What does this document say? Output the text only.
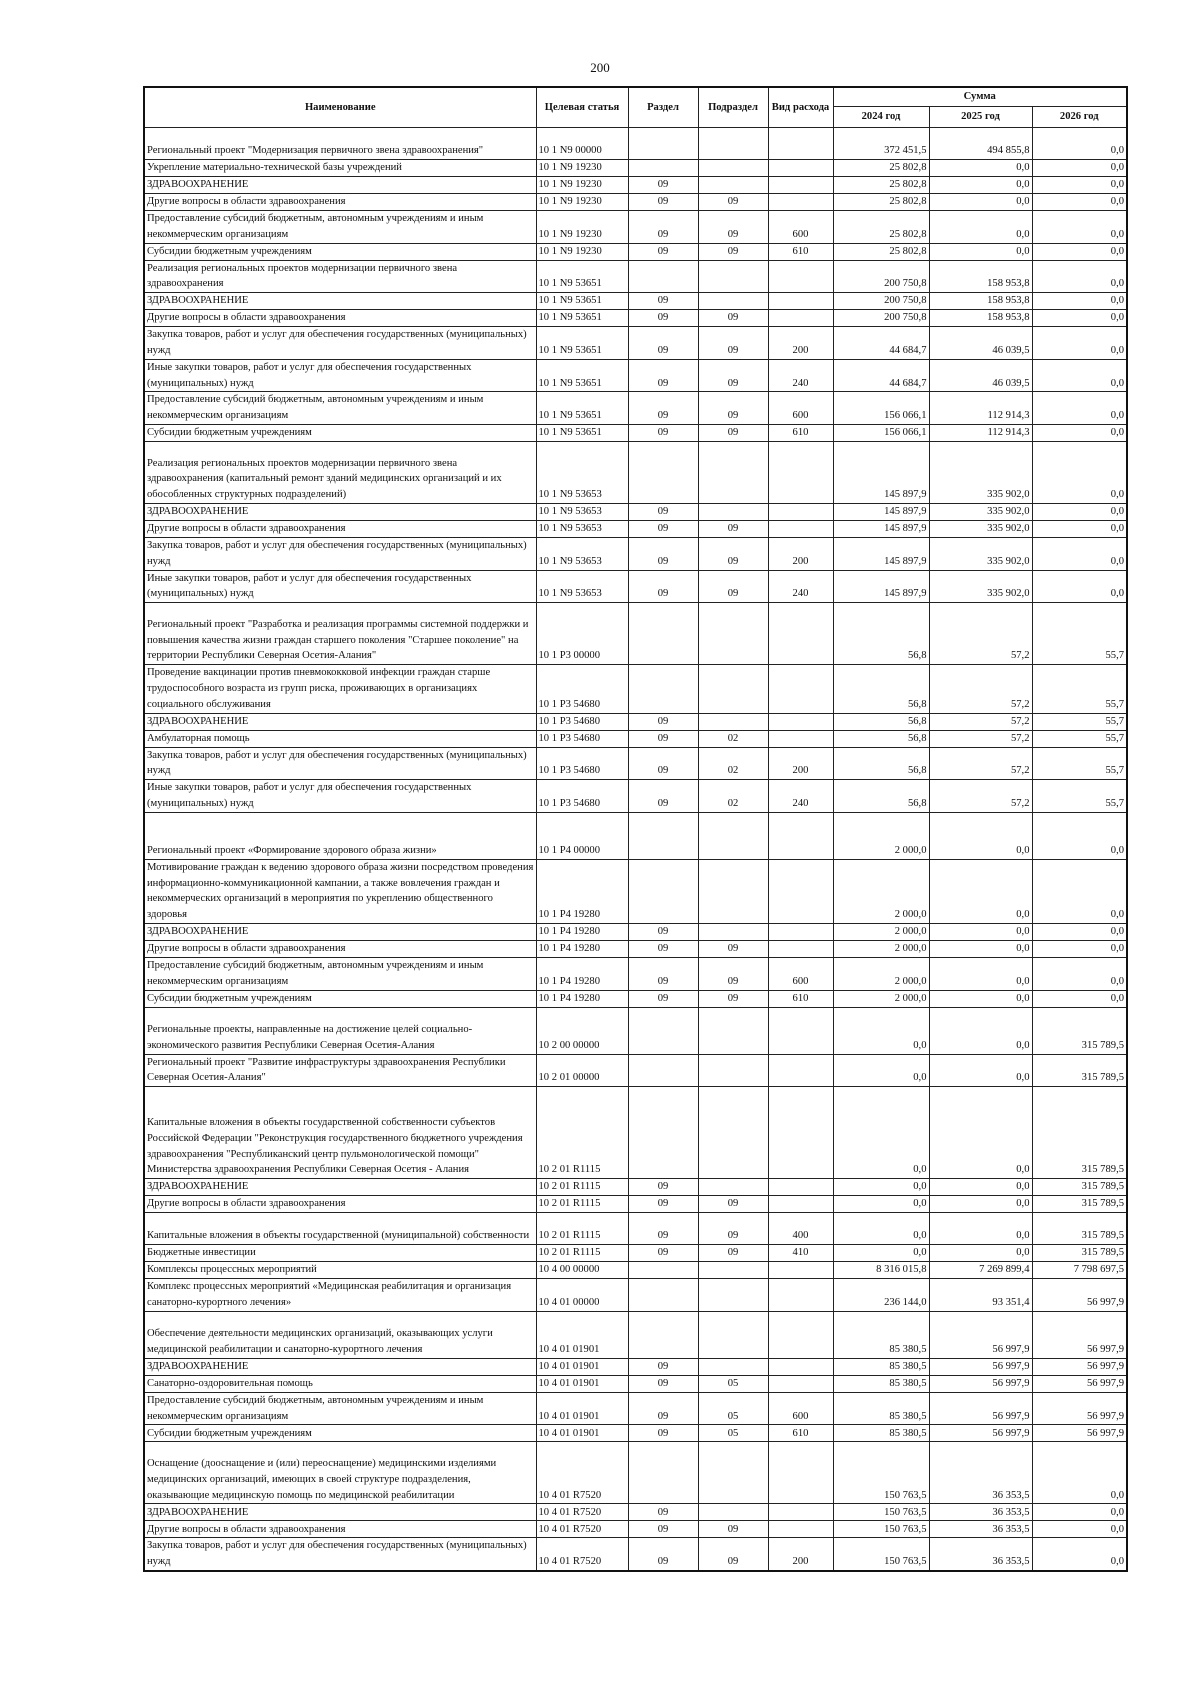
200
Наименование	Целевая статья	Раздел	Подраздел	Вид расхода	Сумма		
					2024 год	2025 год	2026 год
Региональный проект "Модернизация первичного звена здравоохранения"	10 1 N9 00000				372 451,5	494 855,8	0,0
Укрепление материально-технической базы учреждений	10 1 N9 19230				25 802,8	0,0	0,0
ЗДРАВООХРАНЕНИЕ	10 1 N9 19230	09			25 802,8	0,0	0,0
Другие вопросы в области здравоохранения	10 1 N9 19230	09	09		25 802,8	0,0	0,0
Предоставление субсидий бюджетным, автономным учреждениям и иным некоммерческим организациям	10 1 N9 19230	09	09	600	25 802,8	0,0	0,0
Субсидии бюджетным учреждениям	10 1 N9 19230	09	09	610	25 802,8	0,0	0,0
Реализация региональных проектов модернизации первичного звена здравоохранения	10 1 N9 53651				200 750,8	158 953,8	0,0
ЗДРАВООХРАНЕНИЕ	10 1 N9 53651	09			200 750,8	158 953,8	0,0
Другие вопросы в области здравоохранения	10 1 N9 53651	09	09		200 750,8	158 953,8	0,0
Закупка товаров, работ и услуг для обеспечения государственных (муниципальных) нужд	10 1 N9 53651	09	09	200	44 684,7	46 039,5	0,0
Иные закупки товаров, работ и услуг для обеспечения государственных (муниципальных) нужд	10 1 N9 53651	09	09	240	44 684,7	46 039,5	0,0
Предоставление субсидий бюджетным, автономным учреждениям и иным некоммерческим организациям	10 1 N9 53651	09	09	600	156 066,1	112 914,3	0,0
Субсидии бюджетным учреждениям	10 1 N9 53651	09	09	610	156 066,1	112 914,3	0,0
Реализация региональных проектов модернизации первичного звена здравоохранения (капитальный ремонт зданий медицинских организаций и их обособленных структурных подразделений)	10 1 N9 53653				145 897,9	335 902,0	0,0
ЗДРАВООХРАНЕНИЕ	10 1 N9 53653	09			145 897,9	335 902,0	0,0
Другие вопросы в области здравоохранения	10 1 N9 53653	09	09		145 897,9	335 902,0	0,0
Закупка товаров, работ и услуг для обеспечения государственных (муниципальных) нужд	10 1 N9 53653	09	09	200	145 897,9	335 902,0	0,0
Иные закупки товаров, работ и услуг для обеспечения государственных (муниципальных) нужд	10 1 N9 53653	09	09	240	145 897,9	335 902,0	0,0
Региональный проект "Разработка и реализация программы системной поддержки и повышения качества жизни граждан старшего поколения "Старшее поколение" на территории Республики Северная Осетия-Алания"	10 1 P3 00000				56,8	57,2	55,7
Проведение вакцинации против пневмококковой инфекции граждан старше трудоспособного возраста из групп риска, проживающих в организациях социального обслуживания	10 1 P3 54680				56,8	57,2	55,7
ЗДРАВООХРАНЕНИЕ	10 1 P3 54680	09			56,8	57,2	55,7
Амбулаторная помощь	10 1 P3 54680	09	02		56,8	57,2	55,7
Закупка товаров, работ и услуг для обеспечения государственных (муниципальных) нужд	10 1 P3 54680	09	02	200	56,8	57,2	55,7
Иные закупки товаров, работ и услуг для обеспечения государственных (муниципальных) нужд	10 1 P3 54680	09	02	240	56,8	57,2	55,7
Региональный проект «Формирование здорового образа жизни»	10 1 P4 00000				2 000,0	0,0	0,0
Мотивирование граждан к ведению здорового образа жизни посредством проведения информационно-коммуникационной кампании, а также вовлечения граждан и некоммерческих организаций в мероприятия по укреплению общественного здоровья	10 1 P4 19280				2 000,0	0,0	0,0
ЗДРАВООХРАНЕНИЕ	10 1 P4 19280	09			2 000,0	0,0	0,0
Другие вопросы в области здравоохранения	10 1 P4 19280	09	09		2 000,0	0,0	0,0
Предоставление субсидий бюджетным, автономным учреждениям и иным некоммерческим организациям	10 1 P4 19280	09	09	600	2 000,0	0,0	0,0
Субсидии бюджетным учреждениям	10 1 P4 19280	09	09	610	2 000,0	0,0	0,0
Региональные проекты, направленные на достижение целей социально-экономического развития Республики Северная Осетия-Алания	10 2 00 00000				0,0	0,0	315 789,5
Региональный проект "Развитие инфраструктуры здравоохранения Республики Северная Осетия-Алания"	10 2 01 00000				0,0	0,0	315 789,5
Капитальные вложения в объекты государственной собственности субъектов Российской Федерации "Реконструкция государственного бюджетного учреждения здравоохранения "Республиканский центр пульмонологической помощи" Министерства здравоохранения Республики Северная Осетия - Алания	10 2 01 R1115				0,0	0,0	315 789,5
ЗДРАВООХРАНЕНИЕ	10 2 01 R1115	09			0,0	0,0	315 789,5
Другие вопросы в области здравоохранения	10 2 01 R1115	09	09		0,0	0,0	315 789,5
Капитальные вложения в объекты государственной (муниципальной) собственности	10 2 01 R1115	09	09	400	0,0	0,0	315 789,5
Бюджетные инвестиции	10 2 01 R1115	09	09	410	0,0	0,0	315 789,5
Комплексы процессных мероприятий	10 4 00 00000				8 316 015,8	7 269 899,4	7 798 697,5
Комплекс процессных мероприятий «Медицинская реабилитация и организация санаторно-курортного лечения»	10 4 01 00000				236 144,0	93 351,4	56 997,9
Обеспечение деятельности медицинских организаций, оказывающих услуги медицинской реабилитации и санаторно-курортного лечения	10 4 01 01901				85 380,5	56 997,9	56 997,9
ЗДРАВООХРАНЕНИЕ	10 4 01 01901	09			85 380,5	56 997,9	56 997,9
Санаторно-оздоровительная помощь	10 4 01 01901	09	05		85 380,5	56 997,9	56 997,9
Предоставление субсидий бюджетным, автономным учреждениям и иным некоммерческим организациям	10 4 01 01901	09	05	600	85 380,5	56 997,9	56 997,9
Субсидии бюджетным учреждениям	10 4 01 01901	09	05	610	85 380,5	56 997,9	56 997,9
Оснащение (дооснащение и (или) переоснащение) медицинскими изделиями медицинских организаций, имеющих в своей структуре подразделения, оказывающие медицинскую помощь по медицинской реабилитации	10 4 01 R7520				150 763,5	36 353,5	0,0
ЗДРАВООХРАНЕНИЕ	10 4 01 R7520	09			150 763,5	36 353,5	0,0
Другие вопросы в области здравоохранения	10 4 01 R7520	09	09		150 763,5	36 353,5	0,0
Закупка товаров, работ и услуг для обеспечения государственных (муниципальных) нужд	10 4 01 R7520	09	09	200	150 763,5	36 353,5	0,0
